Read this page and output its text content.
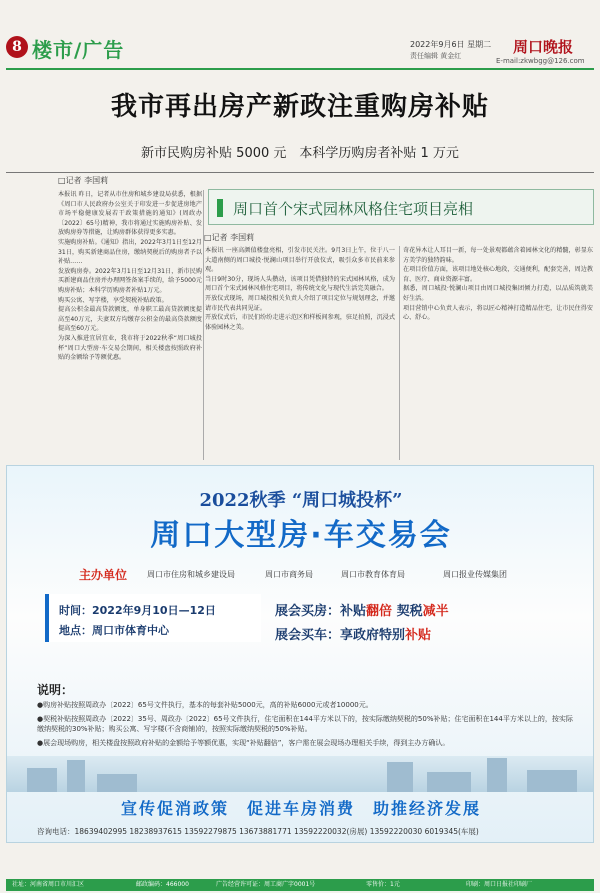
8 楼市/广告	2022年9月6日 星期二
责任编辑 黄金红	周口晚报
E-mail:zkwbgg@126.com
我市再出房产新政注重购房补贴
新市民购房补贴 5000 元　本科学历购房者补贴 1 万元
□记者 李国莉

本报讯 昨日，记者从市住房和城乡建设局获悉，根据《周口市人民政府办公室关于印发进一步促进房地产市场平稳健康发展若干政策措施的通知》(周政办〔2022〕65号)精神，我市将通过实施购房补贴、发放购房券等措施，让购房群体获得更多实惠。

实施购房补贴。《通知》指出，2022年3月1日至12月31日，购买新建商品住房，缴纳契税后的购房者予以补贴……

发放购房券。2022年3月1日至12月31日，新市民购买新建商品住房并办理网签备案手续的，给予5000元购房补贴；本科学历购房者补贴1万元。

购买公寓、写字楼，享受契税补贴政策。

提高公积金最高贷款额度，单身职工最高贷款额度提高至40万元，夫妻双方均缴存公积金的最高贷款额度提高至60万元。

为深入推进宜居宜业，我市将于2022秋季“周口城投杯”周口大型房·车交易会期间，相关楼盘按照政府补贴的金额给予等额优惠。

周口首个宋式园林风格住宅项目亮相
□记者 李国莉

本报讯 一座高颜值楼盘亮相，引发市民关注。9月3日上午，位于八一大道南侧的周口城投·悦澜山项目举行开放仪式，吸引众多市民前来参观。

当日9时30分，现场人头攒动，该项目凭借独特的宋式园林风格，成为周口首个宋式园林风格住宅项目，将传统文化与现代生活完美融合。

开放仪式现场，周口城投相关负责人介绍了项目定位与规划理念，并邀请市民代表共同见证。

开放仪式后，市民们纷纷走进示范区和样板间参观，驻足拍照，沉浸式体验园林之美。

奇花异木让人耳目一新，每一处景观都蕴含着园林文化的精髓，彰显东方美学的独特韵味。

在项目价值方面，该项目地处核心地段，交通便利，配套完善，周边教育、医疗、商业资源丰富。

据悉，周口城投·悦澜山项目由周口城投集团倾力打造，以品质筑就美好生活。

项目营销中心负责人表示，将以匠心精神打造精品住宅，让市民住得安心、舒心。

2022秋季 “周口城投杯”
周口大型房·车交易会
主办单位 周口市住房和城乡建设局	周口市商务局	周口市教育体育局	周口报业传媒集团
时间：2022年9月10日—12日
地点：周口市体育中心
展会买房：补贴翻倍 契税减半
展会买车：享政府特别补贴
说明：
●购房补贴按照周政办〔2022〕65号文件执行，基本的每套补贴5000元，高的补贴6000元或者10000元。
●契税补贴按照周政办〔2022〕35号、周政办〔2022〕65号文件执行，住宅面积在144平方米以下的，按实际缴纳契税的50%补贴；住宅面积在144平方米以上的，按实际缴纳契税的30%补贴；购买公寓、写字楼(不含商铺)的，按照实际缴纳契税的50%补贴。
●展会现场购房，相关楼盘按照政府补贴的金额给予等额优惠，实现“补贴翻倍”，客户需在展会现场办理相关手续，得到主办方确认。
宣传促消政策　促进车房消费　助推经济发展
咨询电话：18639402995 18238937615 13592279875 13673881771 13592220032(房展) 13592220030 6019345(车展)
社址：河南省周口市川汇区	邮政编码：466000	广告经营许可证：周工商广字0001号	零售价：1元	印刷：周口日报社印刷厂
